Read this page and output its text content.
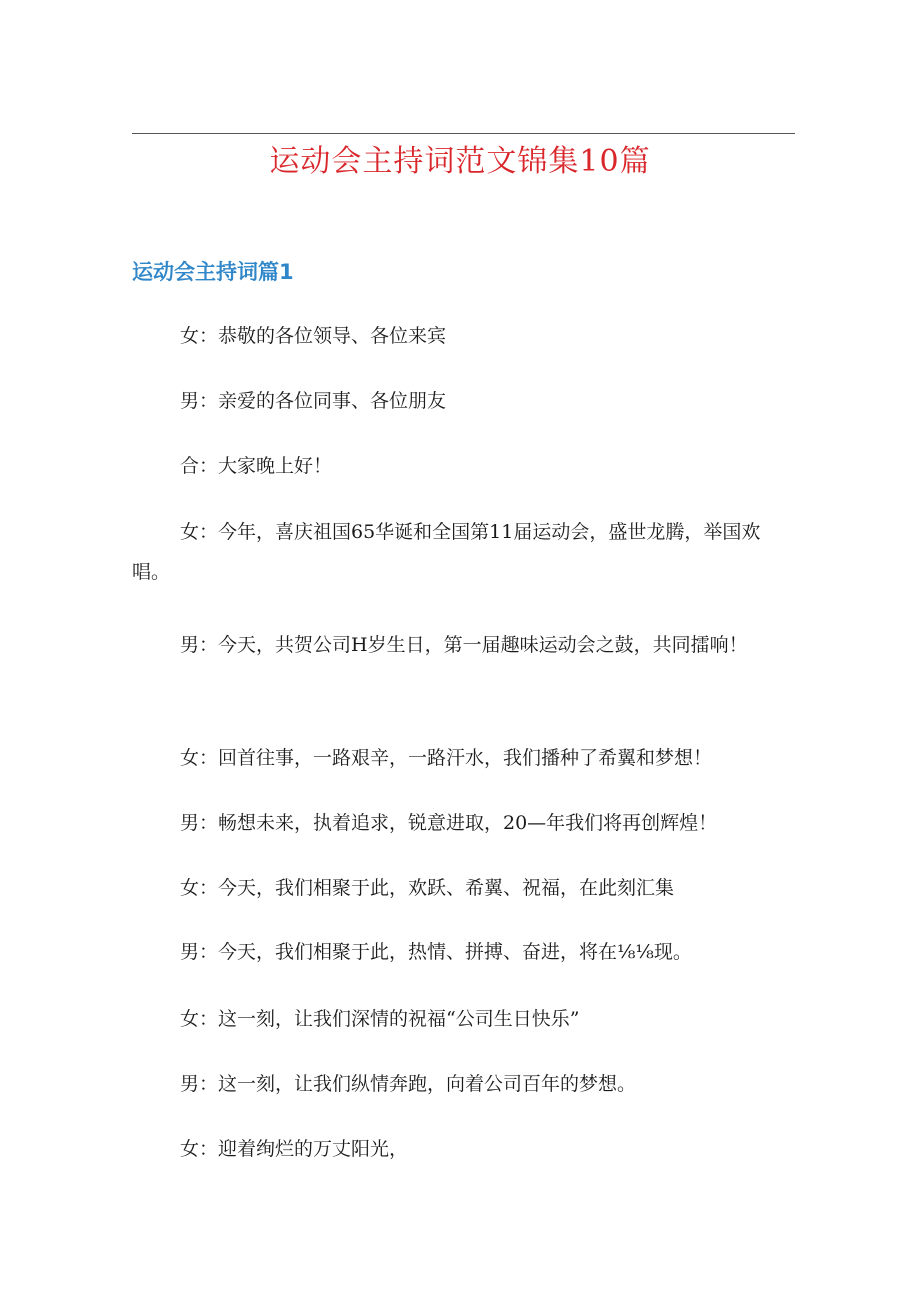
运动会主持词范文锦集10篇
运动会主持词篇1

女：恭敬的各位领导、各位来宾

男：亲爱的各位同事、各位朋友

合：大家晚上好！

女：今年，喜庆祖国65华诞和全国第11届运动会，盛世龙腾，举国欢唱。

男：今天，共贺公司H岁生日，第一届趣味运动会之鼓，共同擂响！

女：回首往事，一路艰辛，一路汗水，我们播种了希翼和梦想！

男：畅想未来，执着追求，锐意进取，20—年我们将再创辉煌！

女：今天，我们相聚于此，欢跃、希翼、祝福，在此刻汇集

男：今天，我们相聚于此，热情、拼搏、奋进，将在⅛⅛现。

女：这一刻，让我们深情的祝福“公司生日快乐”

男：这一刻，让我们纵情奔跑，向着公司百年的梦想。

女：迎着绚烂的万丈阳光，
